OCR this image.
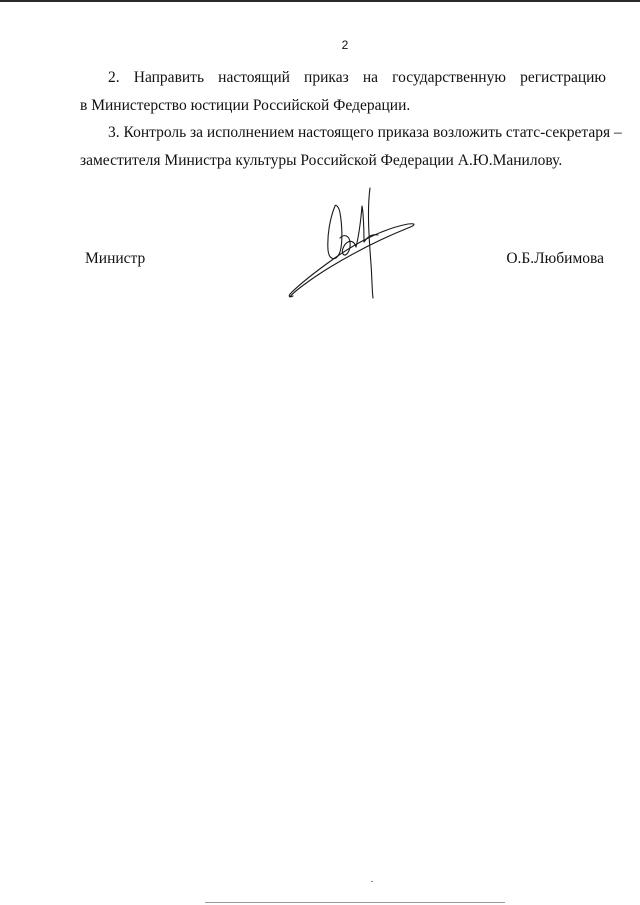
2
2. Направить настоящий приказ на государственную регистрацию
в Министерство юстиции Российской Федерации.
3. Контроль за исполнением настоящего приказа возложить статс-секретаря –
заместителя Министра культуры Российской Федерации А.Ю.Манилову.
Министр	О.Б.Любимова
